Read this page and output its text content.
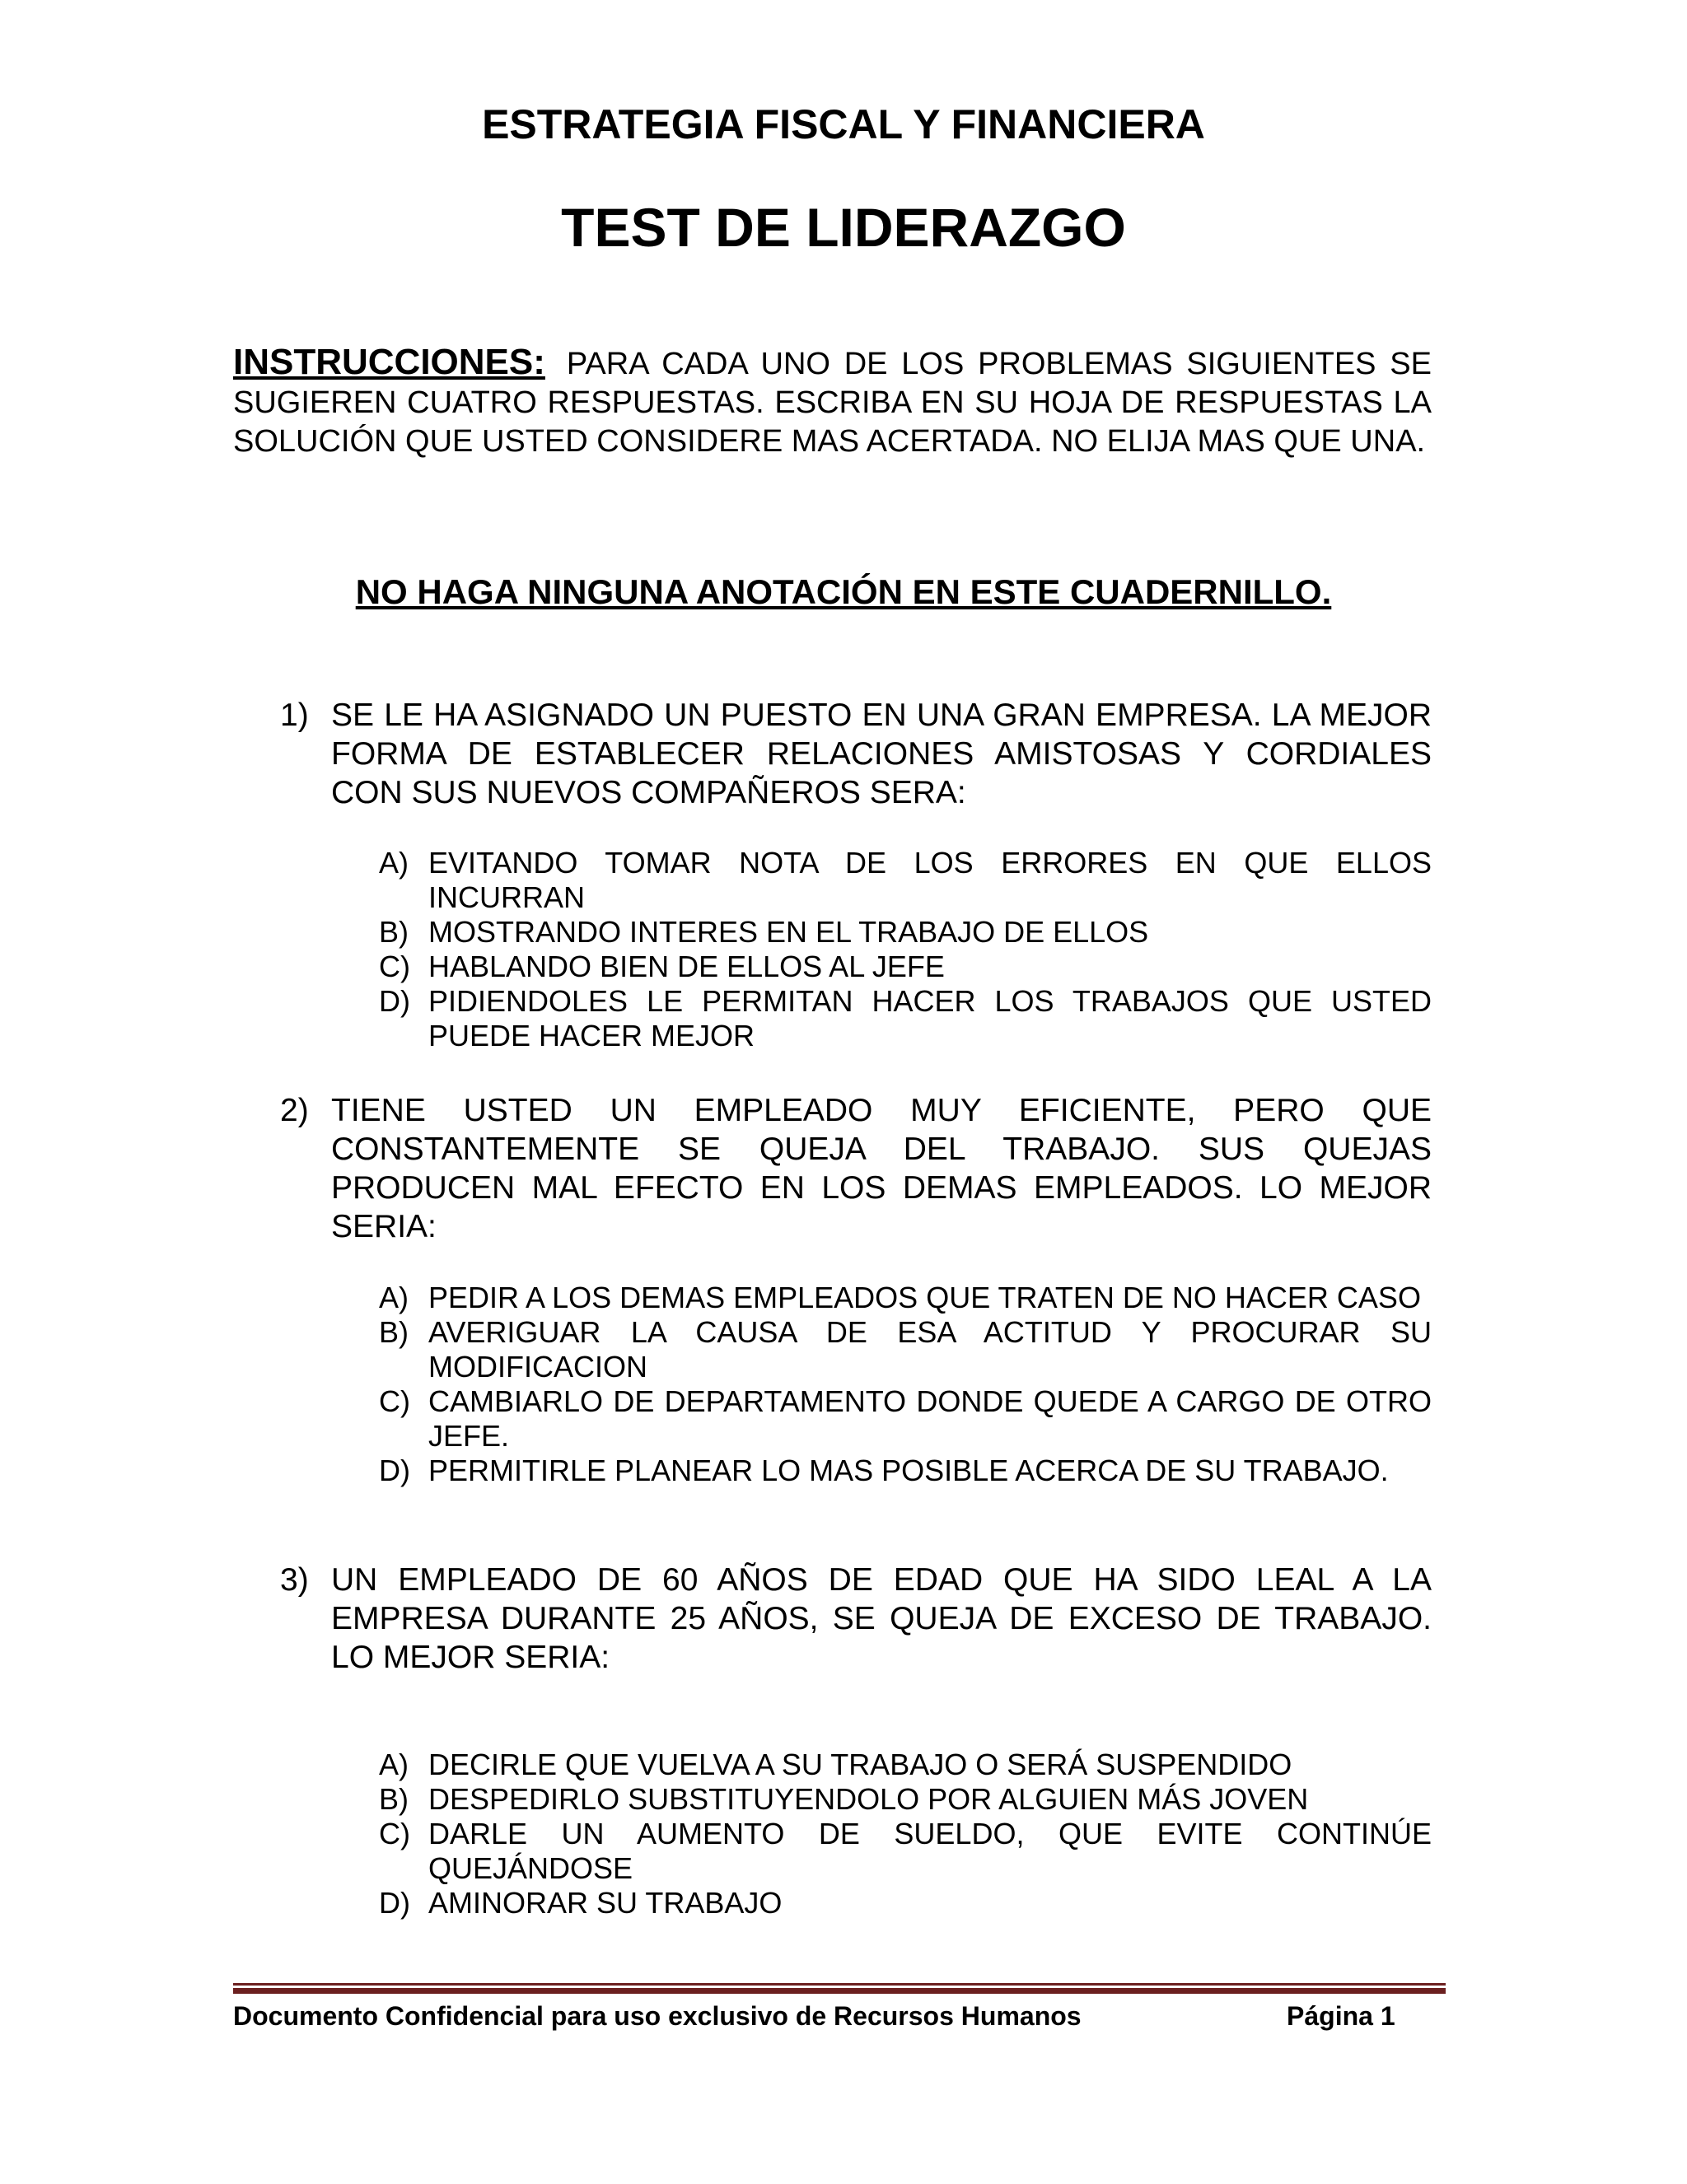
ESTRATEGIA FISCAL Y FINANCIERA
TEST DE LIDERAZGO
INSTRUCCIONES: PARA CADA UNO DE LOS PROBLEMAS SIGUIENTES SE SUGIEREN CUATRO RESPUESTAS. ESCRIBA EN SU HOJA DE RESPUESTAS LA SOLUCIÓN QUE USTED CONSIDERE MAS ACERTADA. NO ELIJA MAS QUE UNA.
NO HAGA NINGUNA ANOTACIÓN EN ESTE CUADERNILLO.
1) SE LE HA ASIGNADO UN PUESTO EN UNA GRAN EMPRESA. LA MEJOR FORMA DE ESTABLECER RELACIONES AMISTOSAS Y CORDIALES CON SUS NUEVOS COMPAÑEROS SERA:
A) EVITANDO TOMAR NOTA DE LOS ERRORES EN QUE ELLOS INCURRAN
B) MOSTRANDO INTERES EN EL TRABAJO DE ELLOS
C) HABLANDO BIEN DE ELLOS AL JEFE
D) PIDIENDOLES LE PERMITAN HACER LOS TRABAJOS QUE USTED PUEDE HACER MEJOR
2) TIENE USTED UN EMPLEADO MUY EFICIENTE, PERO QUE CONSTANTEMENTE SE QUEJA DEL TRABAJO. SUS QUEJAS PRODUCEN MAL EFECTO EN LOS DEMAS EMPLEADOS. LO MEJOR SERIA:
A) PEDIR A LOS DEMAS EMPLEADOS QUE TRATEN DE NO HACER CASO
B) AVERIGUAR LA CAUSA DE ESA ACTITUD Y PROCURAR SU MODIFICACION
C) CAMBIARLO DE DEPARTAMENTO DONDE QUEDE A CARGO DE OTRO JEFE.
D) PERMITIRLE PLANEAR LO MAS POSIBLE ACERCA DE SU TRABAJO.
3) UN EMPLEADO DE 60 AÑOS DE EDAD QUE HA SIDO LEAL A LA EMPRESA DURANTE 25 AÑOS, SE QUEJA DE EXCESO DE TRABAJO. LO MEJOR SERIA:
A) DECIRLE QUE VUELVA A SU TRABAJO O SERÁ SUSPENDIDO
B) DESPEDIRLO SUBSTITUYENDOLO POR ALGUIEN MÁS JOVEN
C) DARLE UN AUMENTO DE SUELDO, QUE EVITE CONTINÚE QUEJÁNDOSE
D) AMINORAR SU TRABAJO
Documento Confidencial para uso exclusivo de Recursos Humanos	Página 1
